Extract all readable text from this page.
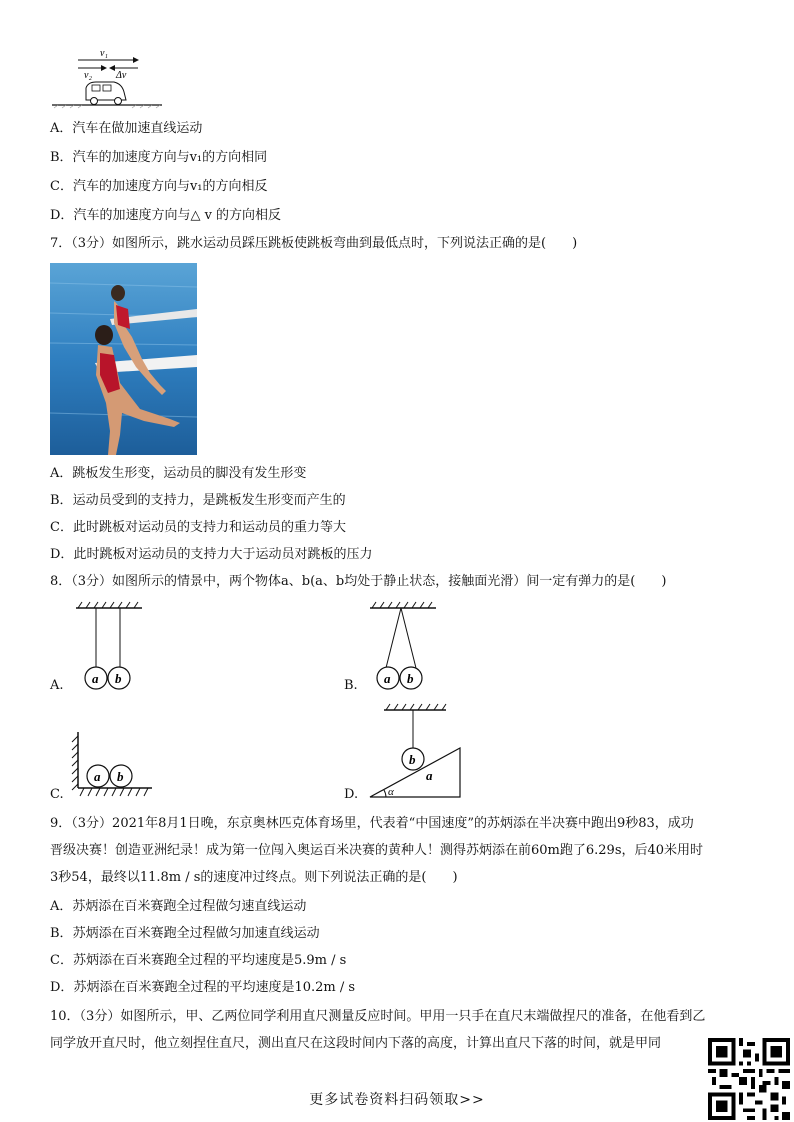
v₁
v₂ Δv
A．汽车在做加速直线运动
B．汽车的加速度方向与v₁的方向相同
C．汽车的加速度方向与v₁的方向相反
D．汽车的加速度方向与△ v 的方向相反
7．（3分）如图所示，跳水运动员踩压跳板使跳板弯曲到最低点时，下列说法正确的是(　　)
A．跳板发生形变，运动员的脚没有发生形变
B．运动员受到的支持力，是跳板发生形变而产生的
C．此时跳板对运动员的支持力和运动员的重力等大
D．此时跳板对运动员的支持力大于运动员对跳板的压力
8．（3分）如图所示的情景中，两个物体a、b(a、b均处于静止状态，接触面光滑）间一定有弹力的是(　　)
A. a b	B. a b
C.
a b
D.
b
a
α
9．（3分）2021年8月1日晚，东京奥林匹克体育场里，代表着“中国速度”的苏炳添在半决赛中跑出9秒83，成功
晋级决赛！创造亚洲纪录！成为第一位闯入奥运百米决赛的黄种人！测得苏炳添在前60m跑了6.29s，后40米用时
3秒54，最终以11.8m / s的速度冲过终点。则下列说法正确的是(　　)
A．苏炳添在百米赛跑全过程做匀速直线运动
B．苏炳添在百米赛跑全过程做匀加速直线运动
C．苏炳添在百米赛跑全过程的平均速度是5.9m / s
D．苏炳添在百米赛跑全过程的平均速度是10.2m / s
10．（3分）如图所示，甲、乙两位同学利用直尺测量反应时间。甲用一只手在直尺末端做捏尺的准备，在他看到乙
同学放开直尺时，他立刻捏住直尺，测出直尺在这段时间内下落的高度，计算出直尺下落的时间，就是甲同
更多试卷资料扫码领取>>
